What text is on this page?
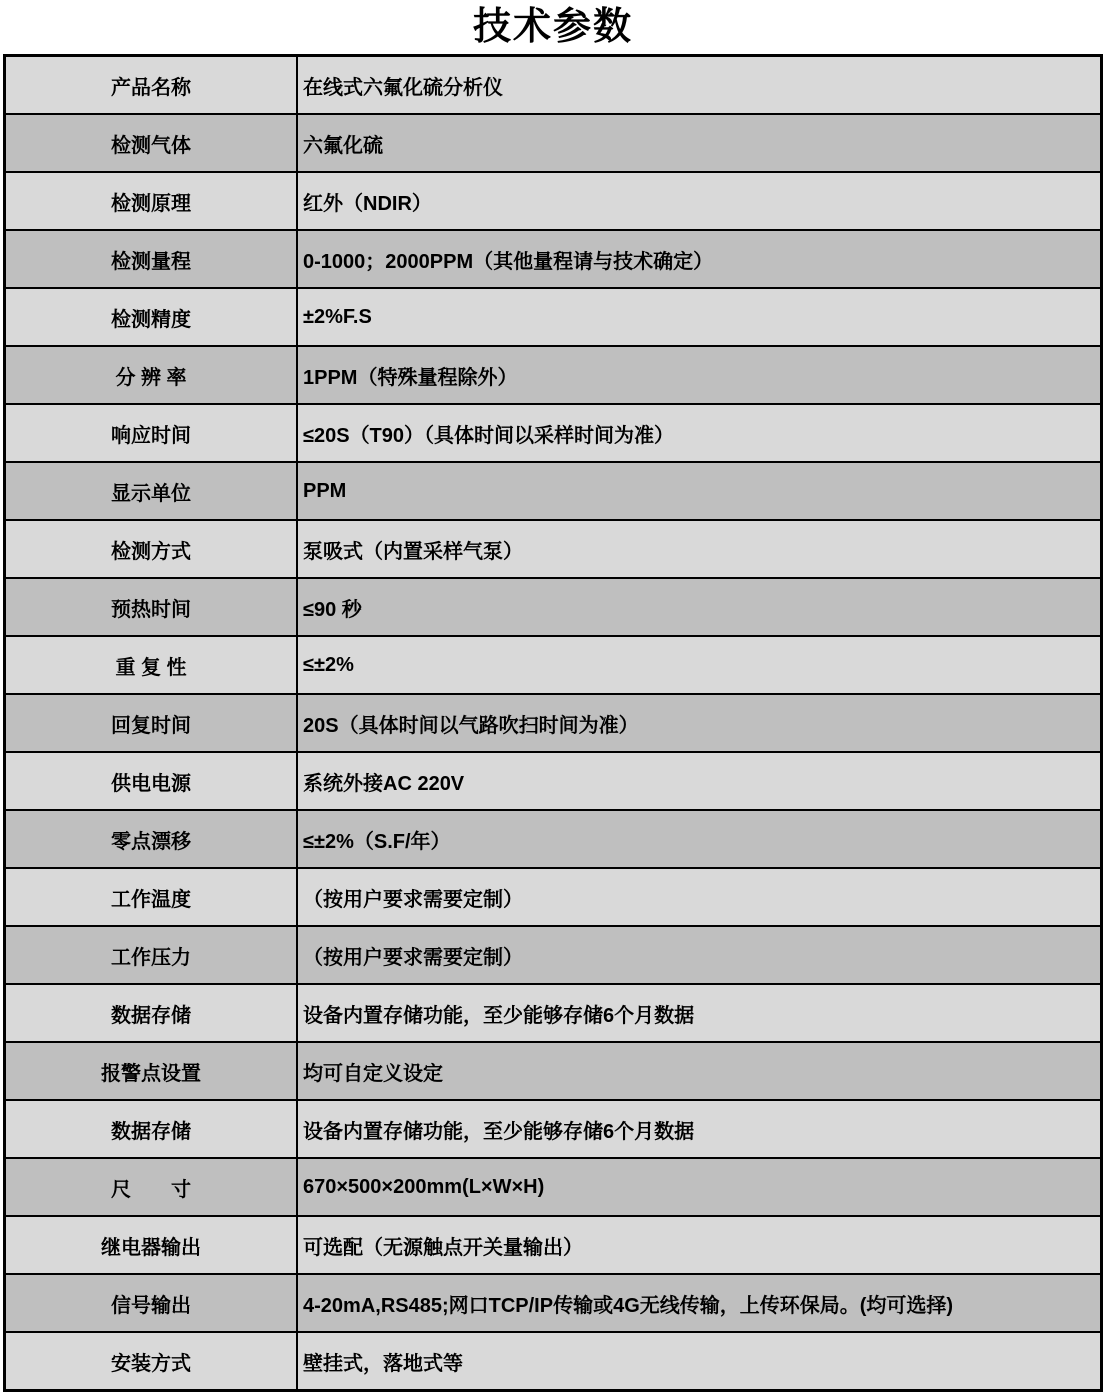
技术参数
产品名称	在线式六氟化硫分析仪
检测气体	六氟化硫
检测原理	红外（NDIR）
检测量程	0-1000；2000PPM（其他量程请与技术确定）
检测精度	±2%F.S
分 辨 率	1PPM（特殊量程除外）
响应时间	≤20S（T90）（具体时间以采样时间为准）
显示单位	PPM
检测方式	泵吸式（内置采样气泵）
预热时间	≤90 秒
重 复 性	≤±2%
回复时间	20S（具体时间以气路吹扫时间为准）
供电电源	系统外接AC 220V
零点漂移	≤±2%（S.F/年）
工作温度	（按用户要求需要定制）
工作压力	（按用户要求需要定制）
数据存储	设备内置存储功能，至少能够存储6个月数据
报警点设置	均可自定义设定
数据存储	设备内置存储功能，至少能够存储6个月数据
尺　　寸	670×500×200mm(L×W×H)
继电器输出	可选配（无源触点开关量输出）
信号输出	4-20mA,RS485;网口TCP/IP传输或4G无线传输，上传环保局。(均可选择)
安装方式	壁挂式，落地式等
